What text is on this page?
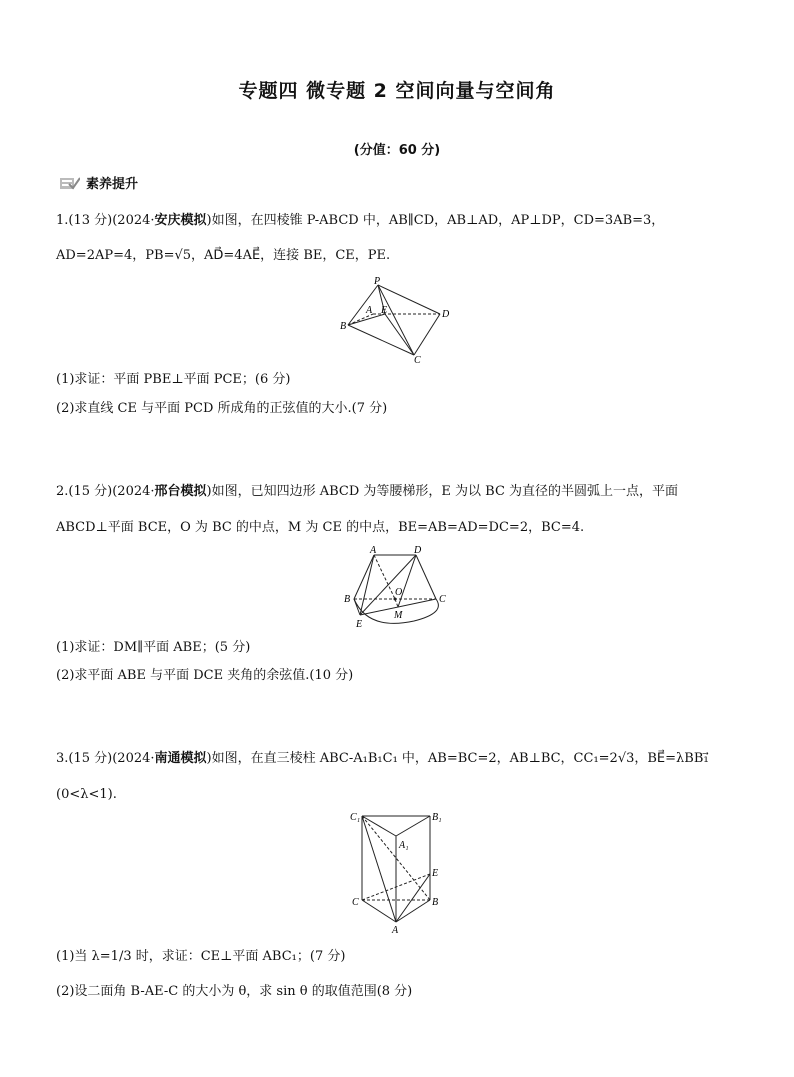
专题四 微专题 2 空间向量与空间角
(分值：60 分)
素养提升
1.(13 分)(2024·安庆模拟)如图，在四棱锥 P-ABCD 中，AB∥CD，AB⊥AD，AP⊥DP，CD=3AB=3，
AD=2AP=4，PB=√5，AD⃗=4AE⃗，连接 BE，CE，PE.
P
A E
B
C
D
(1)求证：平面 PBE⊥平面 PCE；(6 分)
(2)求直线 CE 与平面 PCD 所成角的正弦值的大小.(7 分)
2.(15 分)(2024·邢台模拟)如图，已知四边形 ABCD 为等腰梯形，E 为以 BC 为直径的半圆弧上一点，平面
ABCD⊥平面 BCE，O 为 BC 的中点，M 为 CE 的中点，BE=AB=AD=DC=2，BC=4.
A	D
B	C
O
E
M
(1)求证：DM∥平面 ABE；(5 分)
(2)求平面 ABE 与平面 DCE 夹角的余弦值.(10 分)
3.(15 分)(2024·南通模拟)如图，在直三棱柱 ABC-A₁B₁C₁ 中，AB=BC=2，AB⊥BC，CC₁=2√3，BE⃗=λBB₁⃗
(0<λ<1).
C₁	B₁
A₁
E
C	B
A
(1)当 λ=1/3 时，求证：CE⊥平面 ABC₁；(7 分)
(2)设二面角 B-AE-C 的大小为 θ，求 sin θ 的取值范围(8 分)
